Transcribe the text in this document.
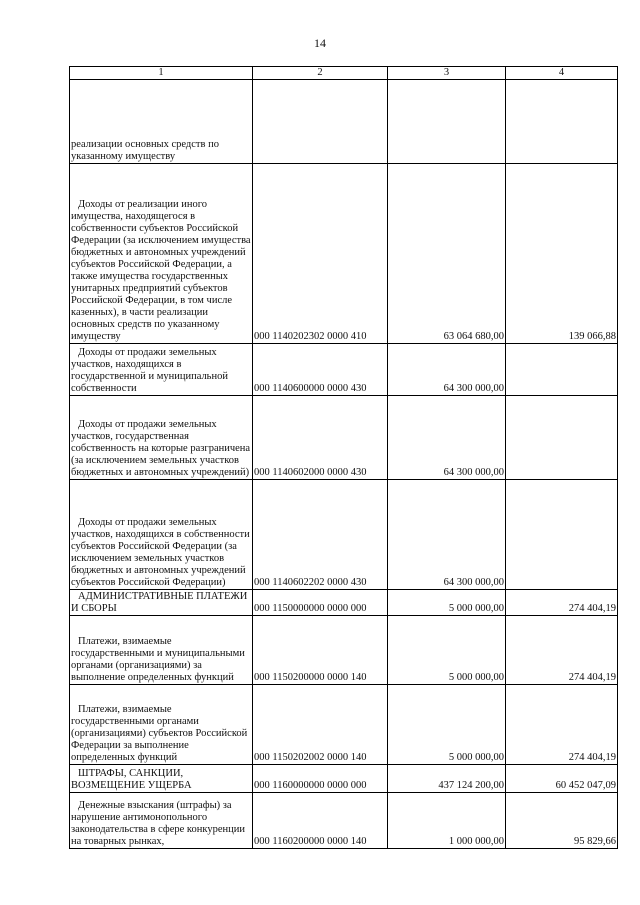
14
1	2	3	4
реализации основных средств по указанному имуществу			
Доходы от реализации иного имущества, находящегося в собственности субъектов Российской Федерации (за исключением имущества бюджетных и автономных учреждений субъектов Российской Федерации, а также имущества государственных унитарных предприятий субъектов Российской Федерации, в том числе казенных), в части реализации основных средств по указанному имуществу	000 1140202302 0000 410	63 064 680,00	139 066,88
Доходы от продажи земельных участков, находящихся в государственной и муниципальной собственности	000 1140600000 0000 430	64 300 000,00	
Доходы от продажи земельных участков, государственная собственность на которые разграничена (за исключением земельных участков бюджетных и автономных учреждений)	000 1140602000 0000 430	64 300 000,00	
Доходы от продажи земельных участков, находящихся в собственности субъектов Российской Федерации (за исключением земельных участков бюджетных и автономных учреждений субъектов Российской Федерации)	000 1140602202 0000 430	64 300 000,00	
АДМИНИСТРАТИВНЫЕ ПЛАТЕЖИ И СБОРЫ	000 1150000000 0000 000	5 000 000,00	274 404,19
Платежи, взимаемые государственными и муниципальными органами (организациями) за выполнение определенных функций	000 1150200000 0000 140	5 000 000,00	274 404,19
Платежи, взимаемые государственными органами (организациями) субъектов Российской Федерации за выполнение определенных функций	000 1150202002 0000 140	5 000 000,00	274 404,19
ШТРАФЫ, САНКЦИИ, ВОЗМЕЩЕНИЕ УЩЕРБА	000 1160000000 0000 000	437 124 200,00	60 452 047,09
Денежные взыскания (штрафы) за нарушение антимонопольного законодательства в сфере конкуренции на товарных рынках,	000 1160200000 0000 140	1 000 000,00	95 829,66
